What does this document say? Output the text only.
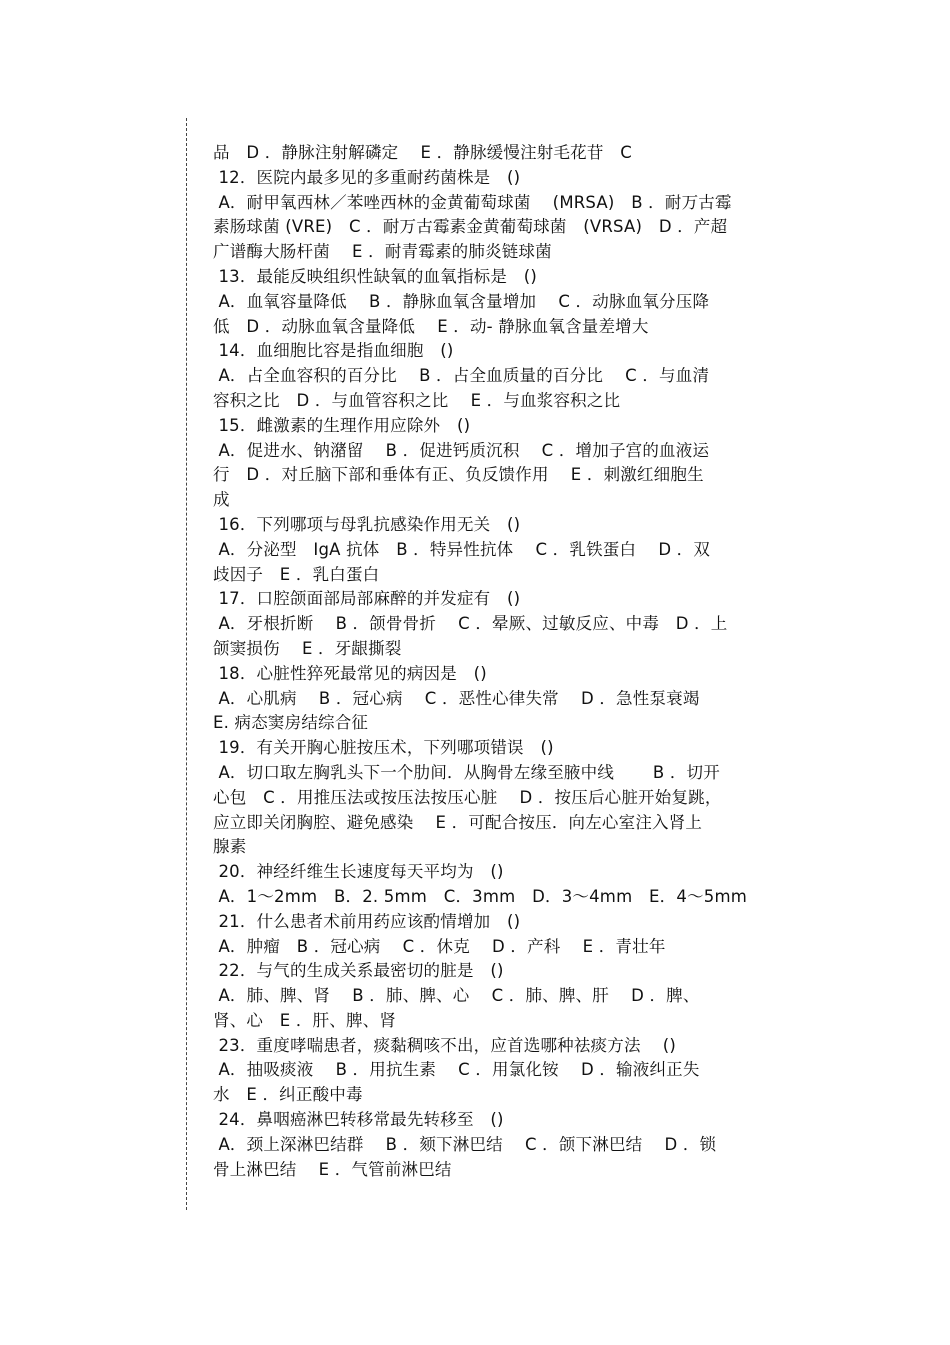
品　D ．静脉注射解磷定　 E ．静脉缓慢注射毛花苷　C
12．医院内最多见的多重耐药菌株是　()
A．耐甲氧西林／苯唑西林的金黄葡萄球菌　 (MRSA)　B ．耐万古霉
素肠球菌 (VRE)　C ．耐万古霉素金黄葡萄球菌　(VRSA)　D ．产超
广谱酶大肠杆菌　 E ．耐青霉素的肺炎链球菌
13．最能反映组织性缺氧的血氧指标是　()
A．血氧容量降低　 B ．静脉血氧含量增加　 C ．动脉血氧分压降
低　D ．动脉血氧含量降低　 E ．动- 静脉血氧含量差增大
14．血细胞比容是指血细胞　()
A．占全血容积的百分比　 B ．占全血质量的百分比　 C ．与血清
容积之比　D ．与血管容积之比　 E ．与血浆容积之比
15．雌激素的生理作用应除外　()
A．促进水、钠潴留　 B ．促进钙质沉积　 C ．增加子宫的血液运
行　D ．对丘脑下部和垂体有正、负反馈作用　 E ．刺激红细胞生
成
16．下列哪项与母乳抗感染作用无关　()
A．分泌型　IgA 抗体　B ．特异性抗体　 C ．乳铁蛋白　 D ．双
歧因子　E ．乳白蛋白
17．口腔颌面部局部麻醉的并发症有　()
A．牙根折断　 B ．颌骨骨折　 C ．晕厥、过敏反应、中毒　D ．上
颌窦损伤　 E ．牙龈撕裂
18．心脏性猝死最常见的病因是　()
A．心肌病　 B ．冠心病　 C ．恶性心律失常　 D ．急性泵衰竭
E. 病态窦房结综合征
19．有关开胸心脏按压术，下列哪项错误　()
A．切口取左胸乳头下一个肋间．从胸骨左缘至腋中线　　 B ．切开
心包　C ．用推压法或按压法按压心脏　 D ．按压后心脏开始复跳，
应立即关闭胸腔、避免感染　 E ．可配合按压．向左心室注入肾上
腺素
20．神经纤维生长速度每天平均为　()
A．1～2mm　B．2. 5mm　C．3mm　D．3～4mm　E．4～5mm
21．什么患者术前用药应该酌情增加　()
A．肿瘤　B ．冠心病　 C ．休克　 D ．产科　 E ．青壮年
22．与气的生成关系最密切的脏是　()
A．肺、脾、肾　 B ．肺、脾、心　 C ．肺、脾、肝　 D ．脾、
肾、心　E ．肝、脾、肾
23．重度哮喘患者，痰黏稠咳不出，应首选哪种祛痰方法　 ()
A．抽吸痰液　 B ．用抗生素　 C ．用氯化铵　 D ．输液纠正失
水　E ．纠正酸中毒
24．鼻咽癌淋巴转移常最先转移至　()
A．颈上深淋巴结群　 B ．颏下淋巴结　 C ．颌下淋巴结　 D ．锁
骨上淋巴结　 E ．气管前淋巴结
